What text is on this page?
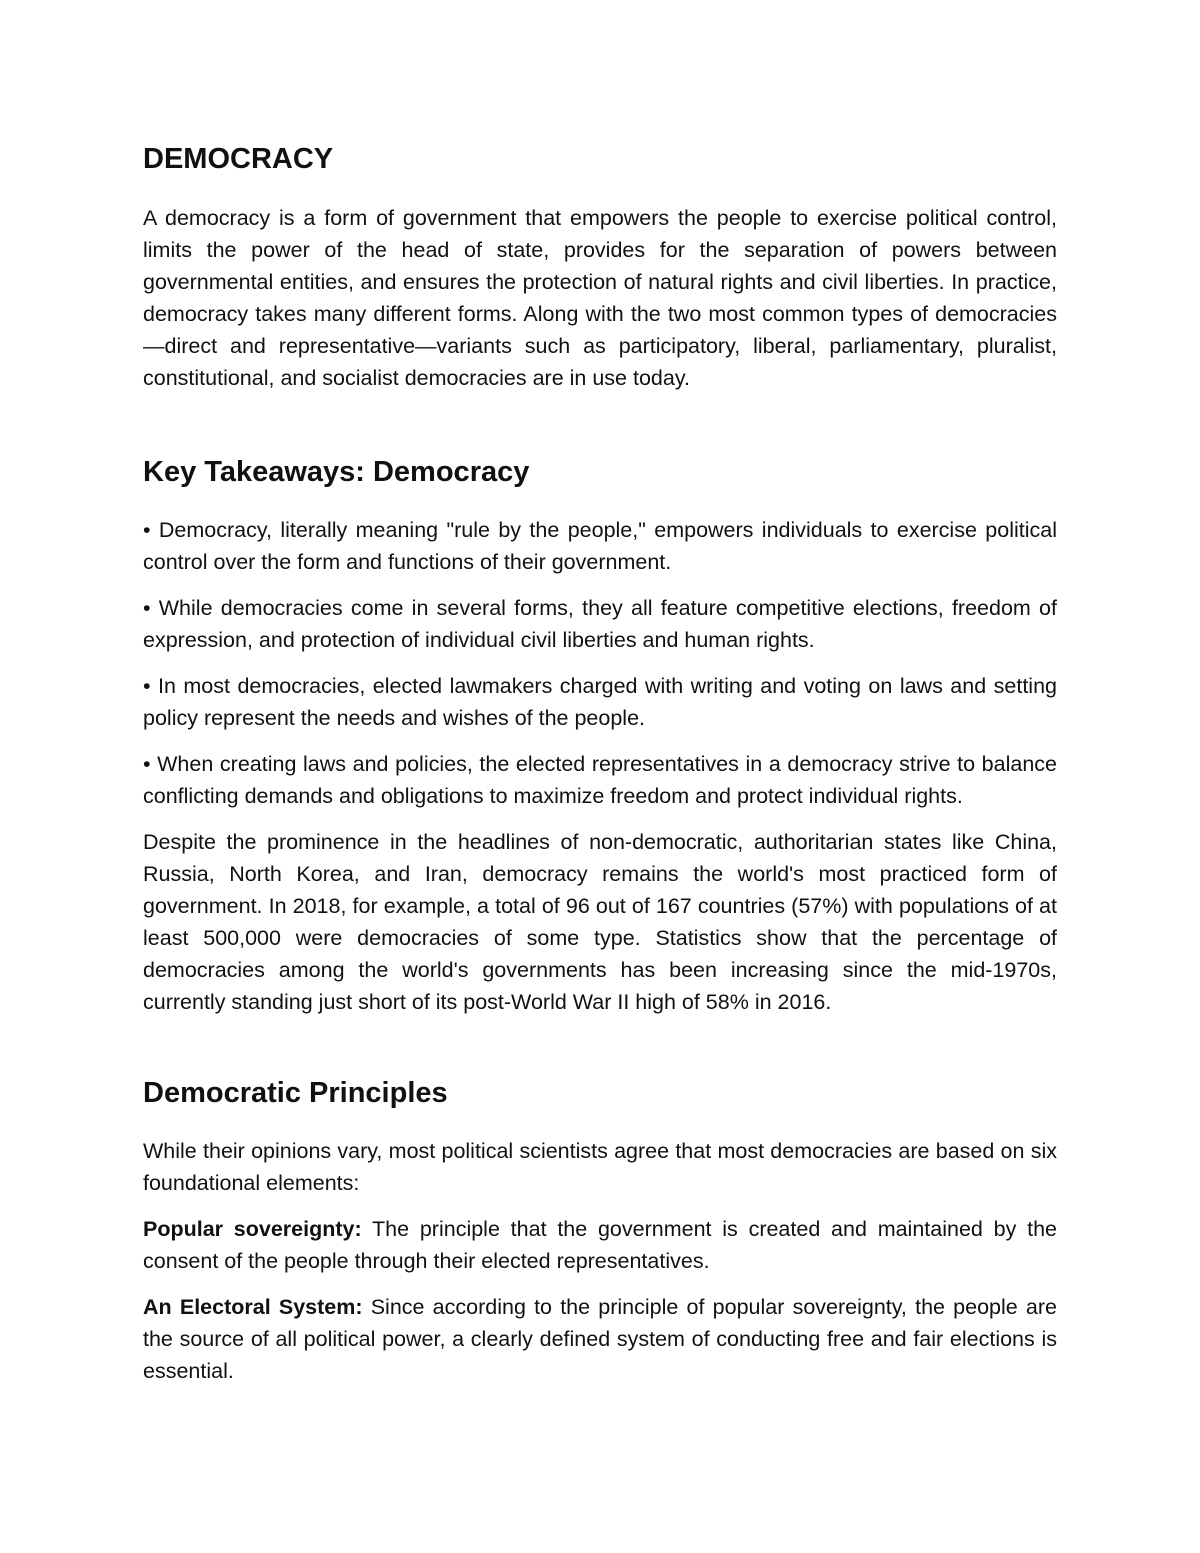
DEMOCRACY

A democracy is a form of government that empowers the people to exercise political control, limits the power of the head of state, provides for the separation of powers between governmental entities, and ensures the protection of natural rights and civil liberties. In practice, democracy takes many different forms. Along with the two most common types of democracies—direct and representative—variants such as participatory, liberal, parliamentary, pluralist, constitutional, and socialist democracies are in use today.

Key Takeaways: Democracy

• Democracy, literally meaning "rule by the people," empowers individuals to exercise political control over the form and functions of their government.

• While democracies come in several forms, they all feature competitive elections, freedom of expression, and protection of individual civil liberties and human rights.

• In most democracies, elected lawmakers charged with writing and voting on laws and setting policy represent the needs and wishes of the people.

• When creating laws and policies, the elected representatives in a democracy strive to balance conflicting demands and obligations to maximize freedom and protect individual rights.

Despite the prominence in the headlines of non-democratic, authoritarian states like China, Russia, North Korea, and Iran, democracy remains the world's most practiced form of government. In 2018, for example, a total of 96 out of 167 countries (57%) with populations of at least 500,000 were democracies of some type. Statistics show that the percentage of democracies among the world's governments has been increasing since the mid-1970s, currently standing just short of its post-World War II high of 58% in 2016.

Democratic Principles

While their opinions vary, most political scientists agree that most democracies are based on six foundational elements:

Popular sovereignty: The principle that the government is created and maintained by the consent of the people through their elected representatives.

An Electoral System: Since according to the principle of popular sovereignty, the people are the source of all political power, a clearly defined system of conducting free and fair elections is essential.
